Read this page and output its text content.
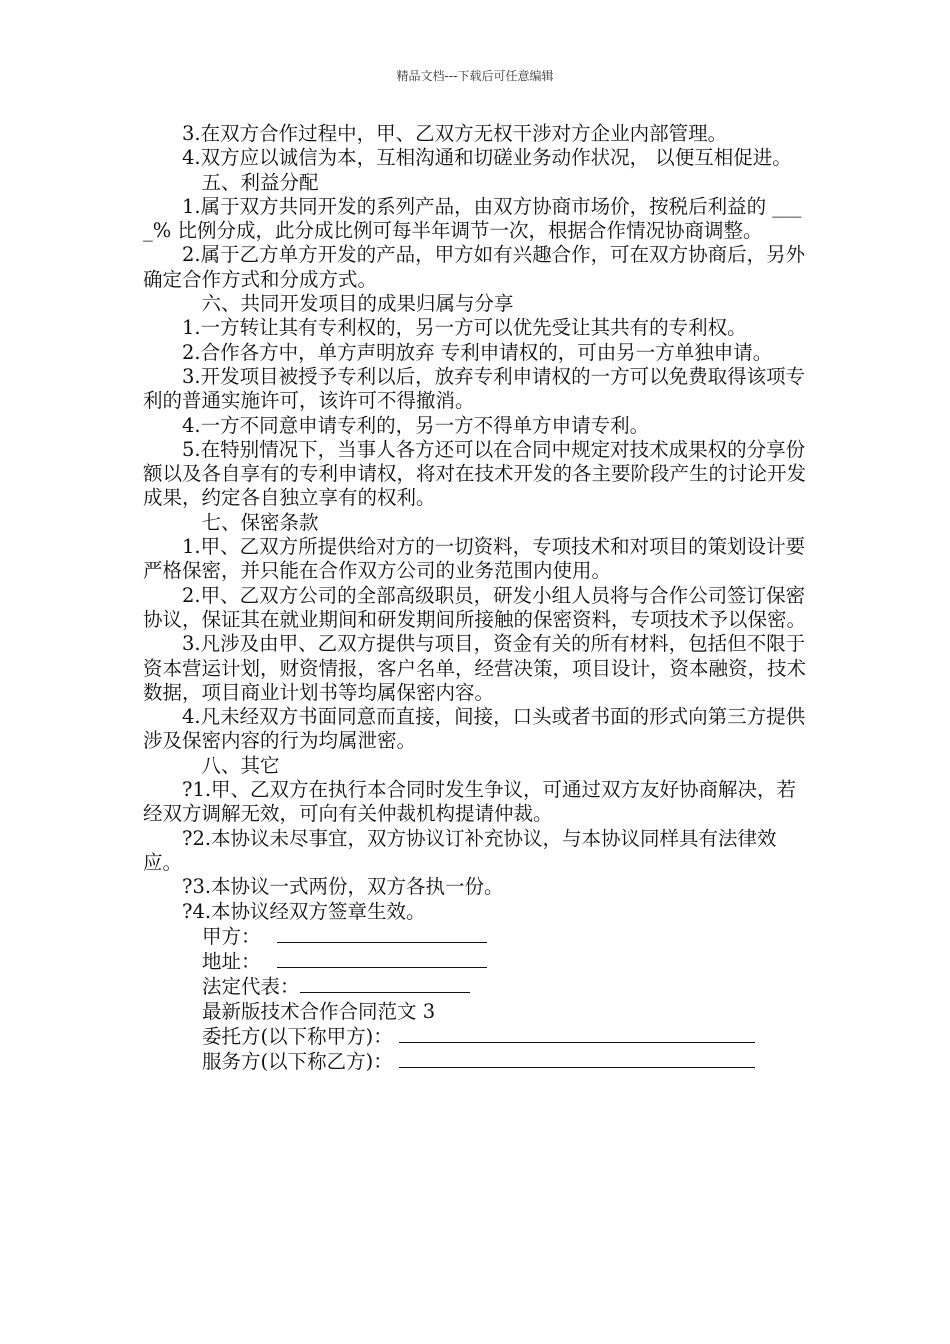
精品文档---下载后可任意编辑

3.在双方合作过程中，甲、乙双方无权干涉对方企业内部管理。

4.双方应以诚信为本，互相沟通和切磋业务动作状况， 以便互相促进。

五、利益分配

1.属于双方共同开发的系列产品，由双方协商市场价，按税后利益的 ____% 比例分成，此分成比例可每半年调节一次，根据合作情况协商调整。

2.属于乙方单方开发的产品，甲方如有兴趣合作，可在双方协商后，另外确定合作方式和分成方式。

六、共同开发项目的成果归属与分享

1.一方转让其有专利权的，另一方可以优先受让其共有的专利权。

2.合作各方中，单方声明放弃 专利申请权的，可由另一方单独申请。

3.开发项目被授予专利以后，放弃专利申请权的一方可以免费取得该项专利的普通实施许可，该许可不得撤消。

4.一方不同意申请专利的，另一方不得单方申请专利。

5.在特别情况下，当事人各方还可以在合同中规定对技术成果权的分享份额以及各自享有的专利申请权，将对在技术开发的各主要阶段产生的讨论开发成果，约定各自独立享有的权利。

七、保密条款

1.甲、乙双方所提供给对方的一切资料，专项技术和对项目的策划设计要严格保密，并只能在合作双方公司的业务范围内使用。

2.甲、乙双方公司的全部高级职员，研发小组人员将与合作公司签订保密协议，保证其在就业期间和研发期间所接触的保密资料，专项技术予以保密。

3.凡涉及由甲、乙双方提供与项目，资金有关的所有材料，包括但不限于资本营运计划，财资情报，客户名单，经营决策，项目设计，资本融资，技术数据，项目商业计划书等均属保密内容。

4.凡未经双方书面同意而直接，间接，口头或者书面的形式向第三方提供涉及保密内容的行为均属泄密。

八、其它

?1.甲、乙双方在执行本合同时发生争议，可通过双方友好协商解决，若经双方调解无效，可向有关仲裁机构提请仲裁。

?2.本协议未尽事宜，双方协议订补充协议，与本协议同样具有法律效应。

?3.本协议一式两份，双方各执一份。

?4.本协议经双方签章生效。

甲方：

地址：

法定代表：

最新版技术合作合同范文 3

委托方(以下称甲方)：

服务方(以下称乙方)：
